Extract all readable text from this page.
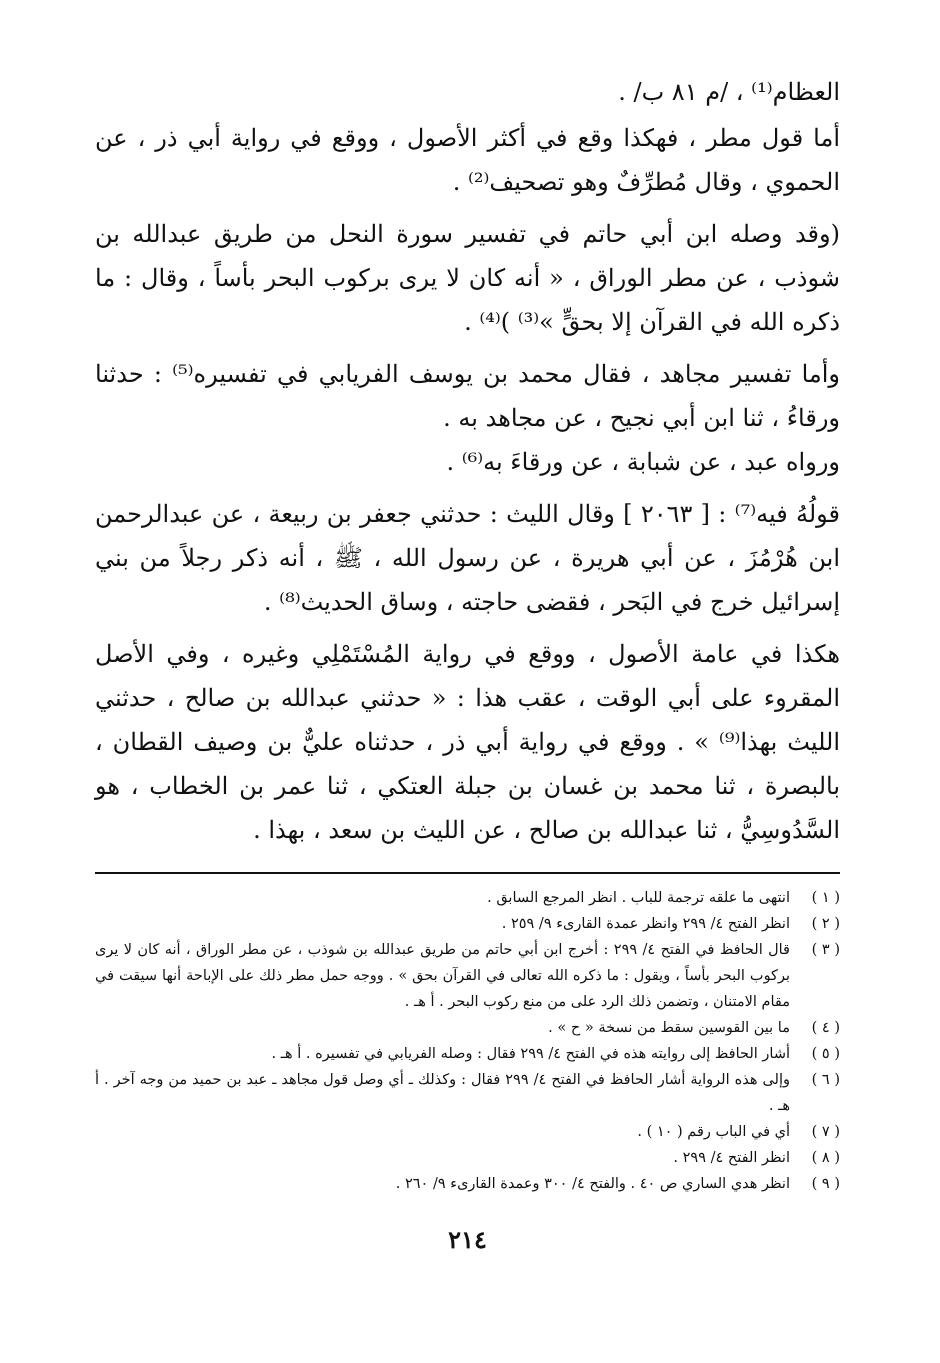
العظام⁽¹⁾ ، /م ٨١ ب/ .

أما قول مطر ، فهكذا وقع في أكثر الأصول ، ووقع في رواية أبي ذر ، عن الحموي ، وقال مُطرِّفٌ وهو تصحيف⁽²⁾ .

(وقد وصله ابن أبي حاتم في تفسير سورة النحل من طريق عبدالله بن شوذب ، عن مطر الوراق ، « أنه كان لا يرى بركوب البحر بأساً ، وقال : ما ذكره الله في القرآن إلا بحقٍّ »⁽³⁾ )⁽⁴⁾ .

وأما تفسير مجاهد ، فقال محمد بن يوسف الفريابي في تفسيره⁽⁵⁾ : حدثنا ورقاءُ ، ثنا ابن أبي نجيح ، عن مجاهد به .

ورواه عبد ، عن شبابة ، عن ورقاءَ به⁽⁶⁾ .

قولُهُ فيه⁽⁷⁾ : [ ٢٠٦٣ ] وقال الليث : حدثني جعفر بن ربيعة ، عن عبدالرحمن ابن هُرْمُزَ ، عن أبي هريرة ، عن رسول الله ، ﷺ ، أنه ذكر رجلاً من بني إسرائيل خرج في البَحر ، فقضى حاجته ، وساق الحديث⁽⁸⁾ .

هكذا في عامة الأصول ، ووقع في رواية المُسْتَمْلِي وغيره ، وفي الأصل المقروء على أبي الوقت ، عقب هذا : « حدثني عبدالله بن صالح ، حدثني الليث بهذا⁽⁹⁾ » . ووقع في رواية أبي ذر ، حدثناه عليٌّ بن وصيف القطان ، بالبصرة ، ثنا محمد بن غسان بن جبلة العتكي ، ثنا عمر بن الخطاب ، هو السَّدُوسِيُّ ، ثنا عبدالله بن صالح ، عن الليث بن سعد ، بهذا .

( ١ )
انتهى ما علقه ترجمة للباب . انظر المرجع السابق .
( ٢ )
انظر الفتح ٤/ ٢٩٩ وانظر عمدة القارىء ٩/ ٢٥٩ .
( ٣ )
قال الحافظ في الفتح ٤/ ٢٩٩ : أخرج ابن أبي حاتم من طريق عبدالله بن شوذب ، عن مطر الوراق ، أنه كان لا يرى بركوب البحر بأساً ، ويقول : ما ذكره الله تعالى في القرآن بحق » . ووجه حمل مطر ذلك على الإباحة أنها سيقت في مقام الامتنان ، وتضمن ذلك الرد على من منع ركوب البحر . أ هـ .
( ٤ )
ما بين القوسين سقط من نسخة « ح » .
( ٥ )
أشار الحافظ إلى روايته هذه في الفتح ٤/ ٢٩٩ فقال : وصله الفريابي في تفسيره . أ هـ .
( ٦ )
وإلى هذه الرواية أشار الحافظ في الفتح ٤/ ٢٩٩ فقال : وكذلك ـ أي وصل قول مجاهد ـ عبد بن حميد من وجه آخر . أ هـ .
( ٧ )
أي في الباب رقم ( ١٠ ) .
( ٨ )
انظر الفتح ٤/ ٢٩٩ .
( ٩ )
انظر هدي الساري ص ٤٠ . والفتح ٤/ ٣٠٠ وعمدة القارىء ٩/ ٢٦٠ .
٢١٤
